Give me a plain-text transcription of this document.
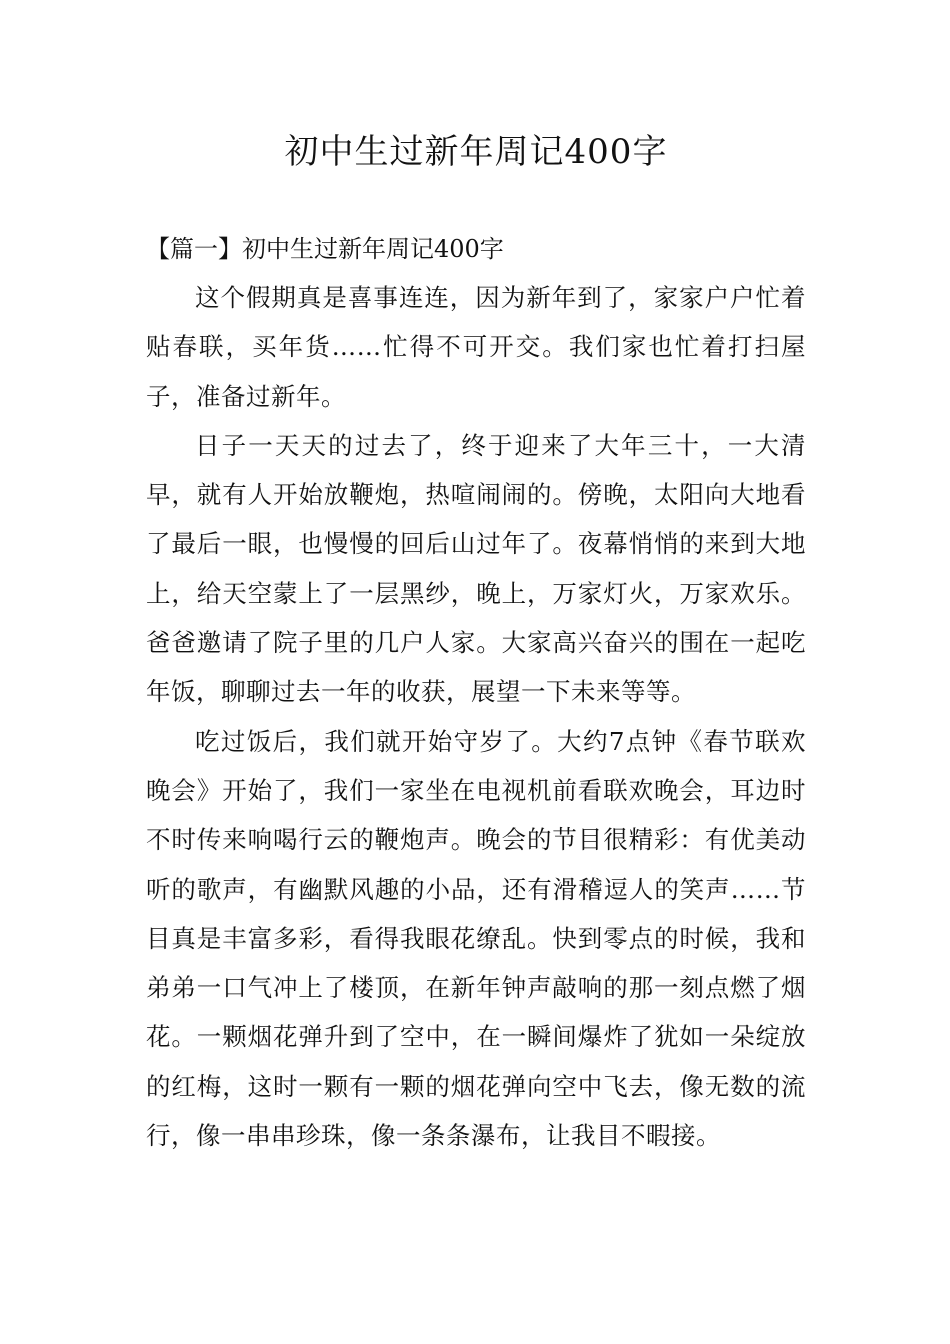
初中生过新年周记400字
【篇一】初中生过新年周记400字

这个假期真是喜事连连，因为新年到了，家家户户忙着贴春联，买年货……忙得不可开交。我们家也忙着打扫屋子，准备过新年。

日子一天天的过去了，终于迎来了大年三十，一大清早，就有人开始放鞭炮，热喧闹闹的。傍晚，太阳向大地看了最后一眼，也慢慢的回后山过年了。夜幕悄悄的来到大地上，给天空蒙上了一层黑纱，晚上，万家灯火，万家欢乐。爸爸邀请了院子里的几户人家。大家高兴奋兴的围在一起吃年饭，聊聊过去一年的收获，展望一下未来等等。

吃过饭后，我们就开始守岁了。大约7点钟《春节联欢晚会》开始了，我们一家坐在电视机前看联欢晚会，耳边时不时传来响喝行云的鞭炮声。晚会的节目很精彩：有优美动听的歌声，有幽默风趣的小品，还有滑稽逗人的笑声……节目真是丰富多彩，看得我眼花缭乱。快到零点的时候，我和弟弟一口气冲上了楼顶，在新年钟声敲响的那一刻点燃了烟花。一颗烟花弹升到了空中，在一瞬间爆炸了犹如一朵绽放的红梅，这时一颗有一颗的烟花弹向空中飞去，像无数的流行，像一串串珍珠，像一条条瀑布，让我目不暇接。
